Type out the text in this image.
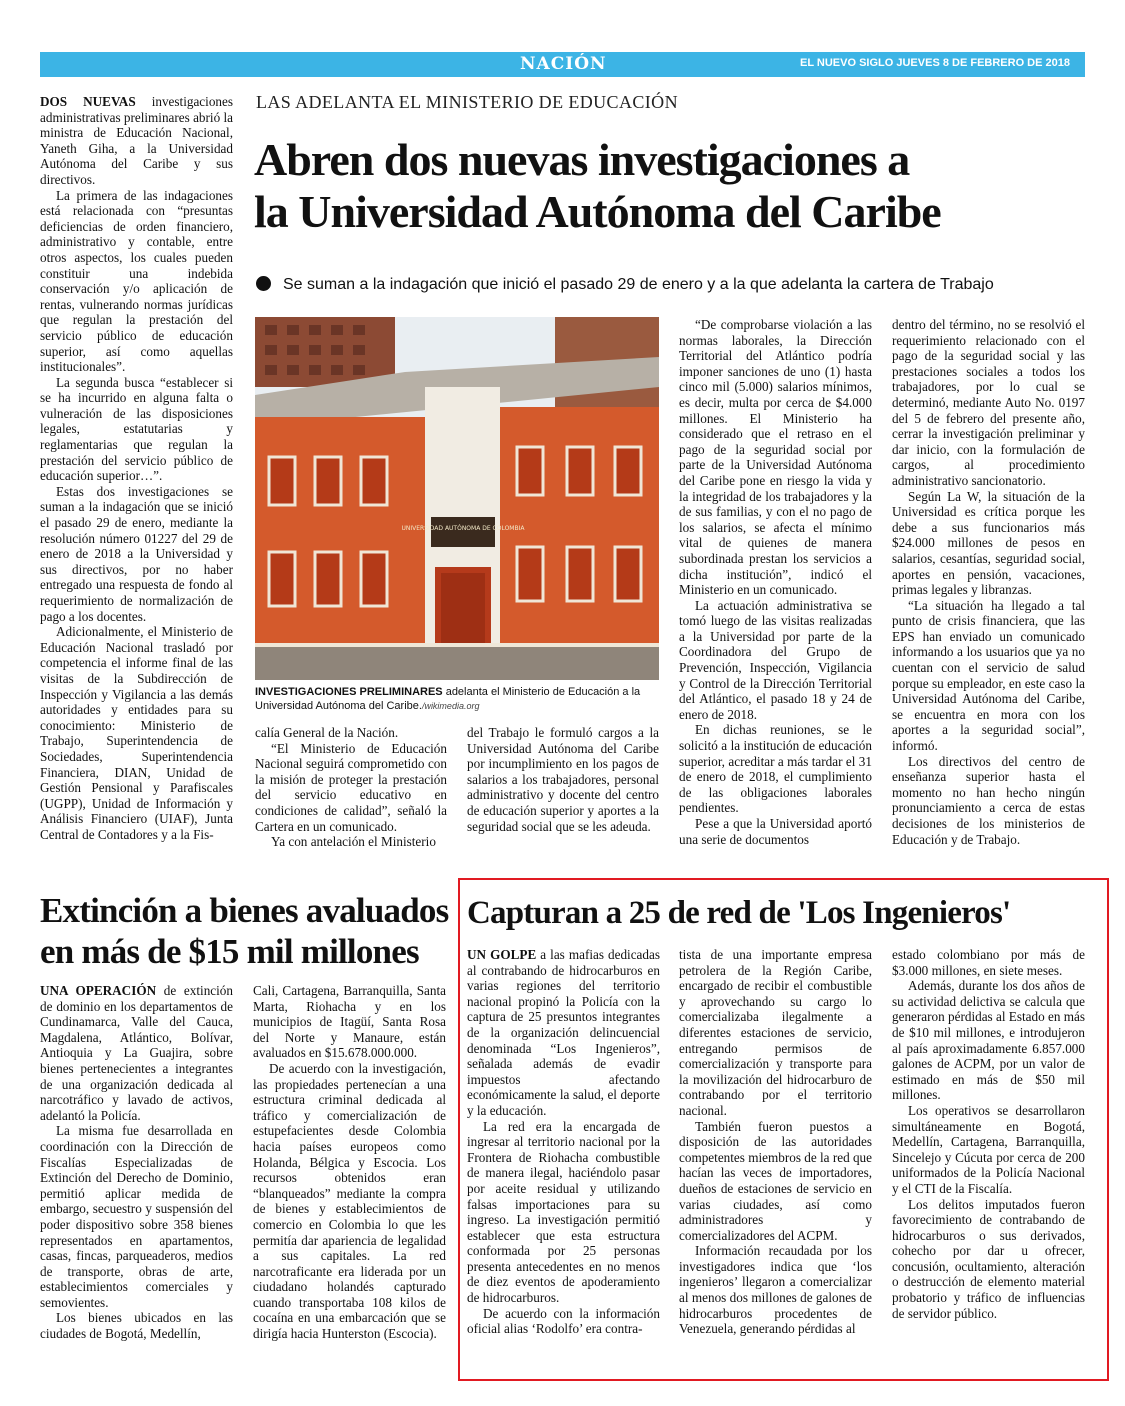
NACIÓN	EL NUEVO SIGLO JUEVES 8 DE FEBRERO DE 2018 1B
LAS ADELANTA EL MINISTERIO DE EDUCACIÓN
Abren dos nuevas investigaciones a
la Universidad Autónoma del Caribe
Se suman a la indagación que inició el pasado 29 de enero y a la que adelanta la cartera de Trabajo

DOS NUEVAS investigaciones administrativas preliminares abrió la ministra de Educación Nacional, Yaneth Giha, a la Universidad Autónoma del Caribe y sus directivos.

La primera de las indagaciones está relacionada con “presuntas deficiencias de orden financiero, administrativo y contable, entre otros aspectos, los cuales pueden constituir una indebida conservación y/o aplicación de rentas, vulnerando normas jurídicas que regulan la prestación del servicio público de educación superior, así como aquellas institucionales”.

La segunda busca “establecer si se ha incurrido en alguna falta o vulneración de las disposiciones legales, estatutarias y reglamentarias que regulan la prestación del servicio público de educación superior…”.

Estas dos investigaciones se suman a la indagación que se inició el pasado 29 de enero, mediante la resolución número 01227 del 29 de enero de 2018 a la Universidad y sus directivos, por no haber entregado una respuesta de fondo al requerimiento de normalización de pago a los docentes.

Adicionalmente, el Ministerio de Educación Nacional trasladó por competencia el informe final de las visitas de la Subdirección de Inspección y Vigilancia a las demás autoridades y entidades para su conocimiento: Ministerio de Trabajo, Superintendencia de Sociedades, Superintendencia Financiera, DIAN, Unidad de Gestión Pensional y Parafiscales (UGPP), Unidad de Información y Análisis Financiero (UIAF), Junta Central de Contadores y a la Fis-

UNIVERSIDAD AUTÓNOMA DE COLOMBIA
INVESTIGACIONES PRELIMINARES adelanta el Ministerio de Educación a la Universidad Autónoma del Caribe./wikimedia.org

calía General de la Nación.

“El Ministerio de Educación Nacional seguirá comprometido con la misión de proteger la prestación del servicio educativo en condiciones de calidad”, señaló la Cartera en un comunicado.

Ya con antelación el Ministerio

del Trabajo le formuló cargos a la Universidad Autónoma del Caribe por incumplimiento en los pagos de salarios a los trabajadores, personal administrativo y docente del centro de educación superior y aportes a la seguridad social que se les adeuda.

“De comprobarse violación a las normas laborales, la Dirección Territorial del Atlántico podría imponer sanciones de uno (1) hasta cinco mil (5.000) salarios mínimos, es decir, multa por cerca de $4.000 millones. El Ministerio ha considerado que el retraso en el pago de la seguridad social por parte de la Universidad Autónoma del Caribe pone en riesgo la vida y la integridad de los trabajadores y la de sus familias, y con el no pago de los salarios, se afecta el mínimo vital de quienes de manera subordinada prestan los servicios a dicha institución”, indicó el Ministerio en un comunicado.

La actuación administrativa se tomó luego de las visitas realizadas a la Universidad por parte de la Coordinadora del Grupo de Prevención, Inspección, Vigilancia y Control de la Dirección Territorial del Atlántico, el pasado 18 y 24 de enero de 2018.

En dichas reuniones, se le solicitó a la institución de educación superior, acreditar a más tardar el 31 de enero de 2018, el cumplimiento de las obligaciones laborales pendientes.

Pese a que la Universidad aportó una serie de documentos

dentro del término, no se resolvió el requerimiento relacionado con el pago de la seguridad social y las prestaciones sociales a todos los trabajadores, por lo cual se determinó, mediante Auto No. 0197 del 5 de febrero del presente año, cerrar la investigación preliminar y dar inicio, con la formulación de cargos, al procedimiento administrativo sancionatorio.

Según La W, la situación de la Universidad es crítica porque les debe a sus funcionarios más $24.000 millones de pesos en salarios, cesantías, seguridad social, aportes en pensión, vacaciones, primas legales y libranzas.

“La situación ha llegado a tal punto de crisis financiera, que las EPS han enviado un comunicado informando a los usuarios que ya no cuentan con el servicio de salud porque su empleador, en este caso la Universidad Autónoma del Caribe, se encuentra en mora con los aportes a la seguridad social”, informó.

Los directivos del centro de enseñanza superior hasta el momento no han hecho ningún pronunciamiento a cerca de estas decisiones de los ministerios de Educación y de Trabajo.

Extinción a bienes avaluados
en más de $15 mil millones

UNA OPERACIÓN de extinción de dominio en los departamentos de Cundinamarca, Valle del Cauca, Magdalena, Atlántico, Bolívar, Antioquia y La Guajira, sobre bienes pertenecientes a integrantes de una organización dedicada al narcotráfico y lavado de activos, adelantó la Policía.

La misma fue desarrollada en coordinación con la Dirección de Fiscalías Especializadas de Extinción del Derecho de Dominio, permitió aplicar medida de embargo, secuestro y suspensión del poder dispositivo sobre 358 bienes representados en apartamentos, casas, fincas, parqueaderos, medios de transporte, obras de arte, establecimientos comerciales y semovientes.

Los bienes ubicados en las ciudades de Bogotá, Medellín,

Cali, Cartagena, Barranquilla, Santa Marta, Riohacha y en los municipios de Itagüí, Santa Rosa del Norte y Manaure, están avaluados en $15.678.000.000.

De acuerdo con la investigación, las propiedades pertenecían a una estructura criminal dedicada al tráfico y comercialización de estupefacientes desde Colombia hacia países europeos como Holanda, Bélgica y Escocia. Los recursos obtenidos eran “blanqueados” mediante la compra de bienes y establecimientos de comercio en Colombia lo que les permitía dar apariencia de legalidad a sus capitales. La red narcotraficante era liderada por un ciudadano holandés capturado cuando transportaba 108 kilos de cocaína en una embarcación que se dirigía hacia Hunterston (Escocia).

Capturan a 25 de red de 'Los Ingenieros'

UN GOLPE a las mafias dedicadas al contrabando de hidrocarburos en varias regiones del territorio nacional propinó la Policía con la captura de 25 presuntos integrantes de la organización delincuencial denominada “Los Ingenieros”, señalada además de evadir impuestos afectando económicamente la salud, el deporte y la educación.

La red era la encargada de ingresar al territorio nacional por la Frontera de Riohacha combustible de manera ilegal, haciéndolo pasar por aceite residual y utilizando falsas importaciones para su ingreso. La investigación permitió establecer que esta estructura conformada por 25 personas presenta antecedentes en no menos de diez eventos de apoderamiento de hidrocarburos.

De acuerdo con la información oficial alias ‘Rodolfo’ era contra-

tista de una importante empresa petrolera de la Región Caribe, encargado de recibir el combustible y aprovechando su cargo lo comercializaba ilegalmente a diferentes estaciones de servicio, entregando permisos de comercialización y transporte para la movilización del hidrocarburo de contrabando por el territorio nacional.

También fueron puestos a disposición de las autoridades competentes miembros de la red que hacían las veces de importadores, dueños de estaciones de servicio en varias ciudades, así como administradores y comercializadores del ACPM.

Información recaudada por los investigadores indica que ‘los ingenieros’ llegaron a comercializar al menos dos millones de galones de hidrocarburos procedentes de Venezuela, generando pérdidas al

estado colombiano por más de $3.000 millones, en siete meses.

Además, durante los dos años de su actividad delictiva se calcula que generaron pérdidas al Estado en más de $10 mil millones, e introdujeron al país aproximadamente 6.857.000 galones de ACPM, por un valor de estimado en más de $50 mil millones.

Los operativos se desarrollaron simultáneamente en Bogotá, Medellín, Cartagena, Barranquilla, Sincelejo y Cúcuta por cerca de 200 uniformados de la Policía Nacional y el CTI de la Fiscalía.

Los delitos imputados fueron favorecimiento de contrabando de hidrocarburos o sus derivados, cohecho por dar u ofrecer, concusión, ocultamiento, alteración o destrucción de elemento material probatorio y tráfico de influencias de servidor público.
